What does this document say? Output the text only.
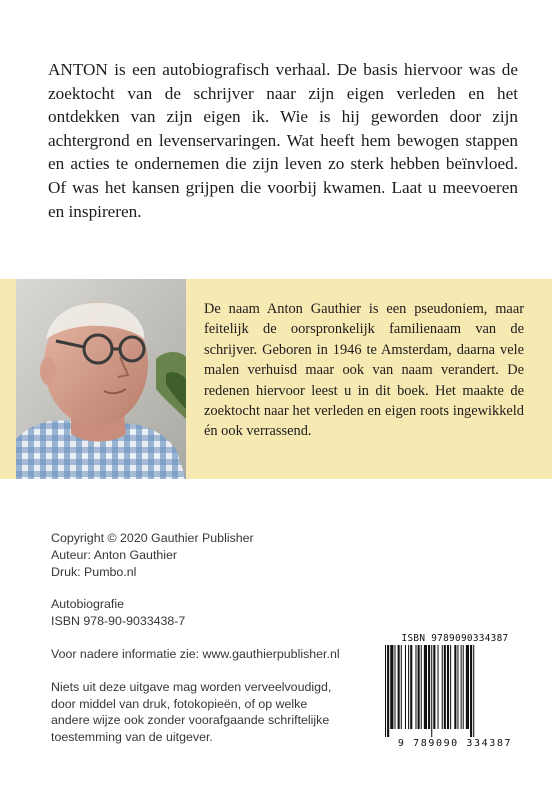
ANTON is een autobiografisch verhaal. De basis hiervoor was de zoektocht van de schrijver naar zijn eigen verleden en het ontdekken van zijn eigen ik. Wie is hij geworden door zijn achtergrond en levenservaringen. Wat heeft hem bewogen stappen en acties te ondernemen die zijn leven zo sterk hebben beïnvloed. Of was het kansen grijpen die voorbij kwamen. Laat u meevoeren en inspireren.
De naam Anton Gauthier is een pseudoniem, maar feitelijk de oorspronkelijk familienaam van de schrijver. Geboren in 1946 te Amsterdam, daarna vele malen verhuisd maar ook van naam verandert. De redenen hiervoor leest u in dit boek. Het maakte de zoektocht naar het verleden en eigen roots ingewikkeld én ook verrassend.
Copyright © 2020 Gauthier Publisher
Auteur: Anton Gauthier
Druk: Pumbo.nl
Autobiografie
ISBN 978-90-9033438-7
Voor nadere informatie zie: www.gauthierpublisher.nl
Niets uit deze uitgave mag worden verveelvoudigd,
door middel van druk, fotokopieën, of op welke
andere wijze ook zonder voorafgaande schriftelijke
toestemming van de uitgever.
ISBN 9789090334387
9 789090 334387
